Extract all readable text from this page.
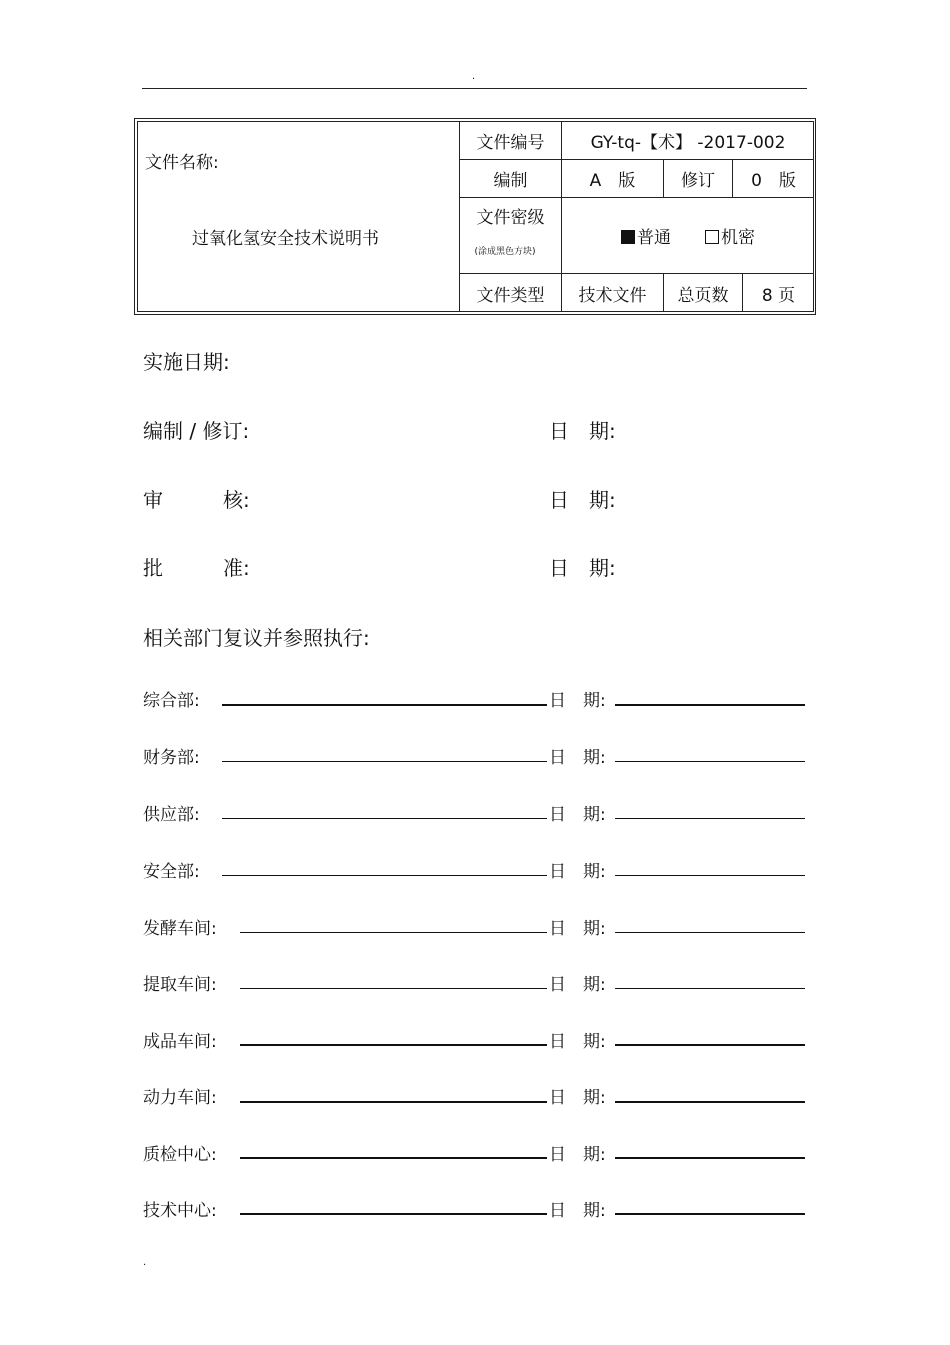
.
文件名称:
过氧化氢安全技术说明书
文件编号	GY-tq-【术】 -2017-002
编制	A　版	修订	0　版
文件密级
(涂成黑色方块)
普通	机密
文件类型	技术文件	总页数	8 页
实施日期:
编制 / 修订:	日　期:
审　　　核:	日　期:
批　　　准:	日　期:
相关部门复议并参照执行:
综合部:	日　期:
财务部:	日　期:
供应部:	日　期:
安全部:	日　期:
发酵车间:	日　期:
提取车间:	日　期:
成品车间:	日　期:
动力车间:	日　期:
质检中心:	日　期:
技术中心:	日　期:
.
